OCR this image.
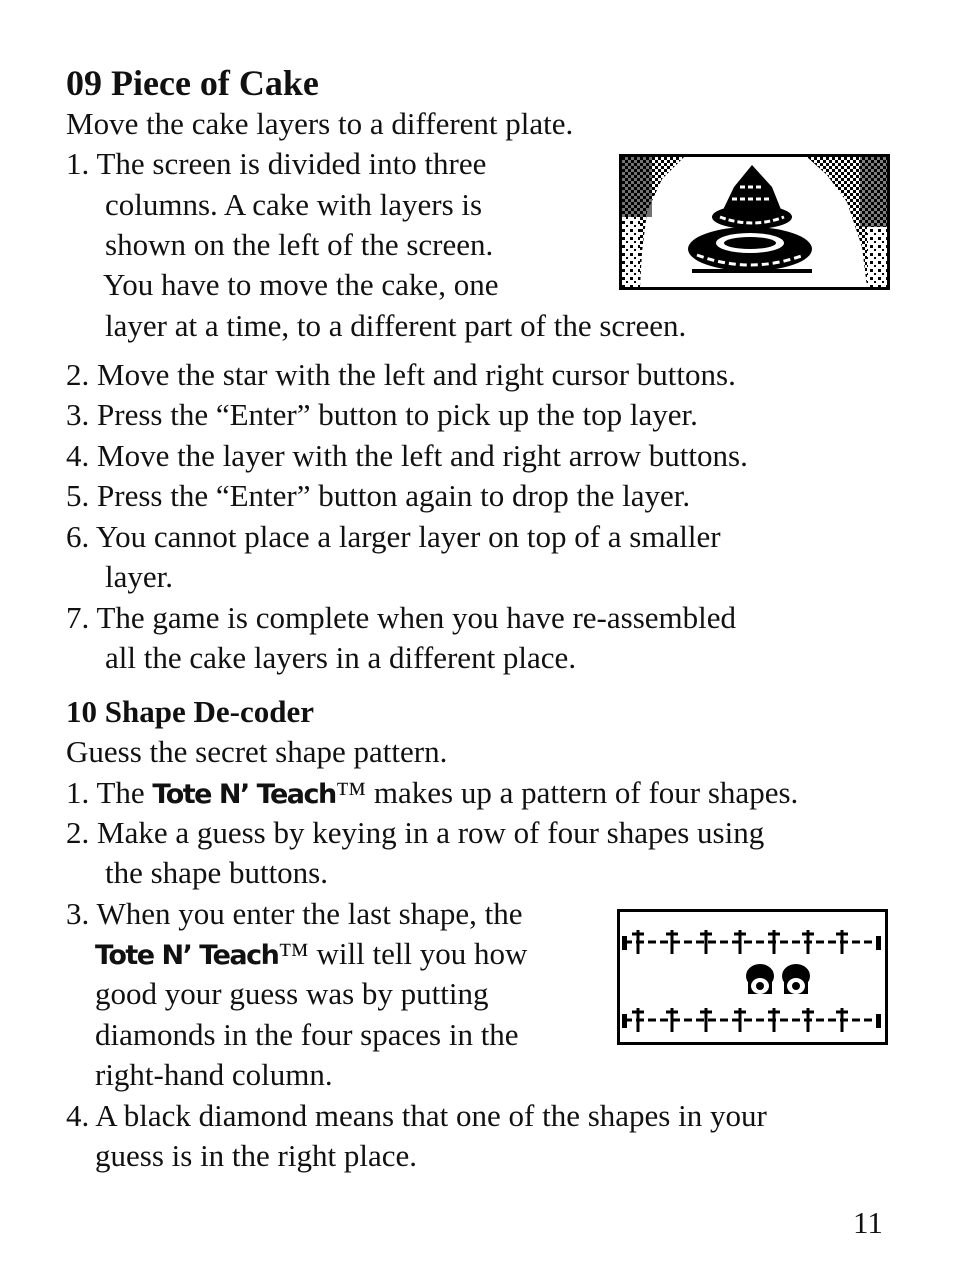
09 Piece of Cake
Move the cake layers to a different plate.
1. The screen is divided into three
columns. A cake with layers is
shown on the left of the screen.
You have to move the cake, one
layer at a time, to a different part of the screen.
2. Move the star with the left and right cursor buttons.
3. Press the “Enter” button to pick up the top layer.
4. Move the layer with the left and right arrow buttons.
5. Press the “Enter” button again to drop the layer.
6. You cannot place a larger layer on top of a smaller
layer.
7. The game is complete when you have re-assembled
all the cake layers in a different place.
10 Shape De-coder
Guess the secret shape pattern.
1. The Tote N’ Teach™ makes up a pattern of four shapes.
2. Make a guess by keying in a row of four shapes using
the shape buttons.
3. When you enter the last shape, the
Tote N’ Teach™ will tell you how
good your guess was by putting
diamonds in the four spaces in the
right-hand column.
4. A black diamond means that one of the shapes in your
guess is in the right place.
11
